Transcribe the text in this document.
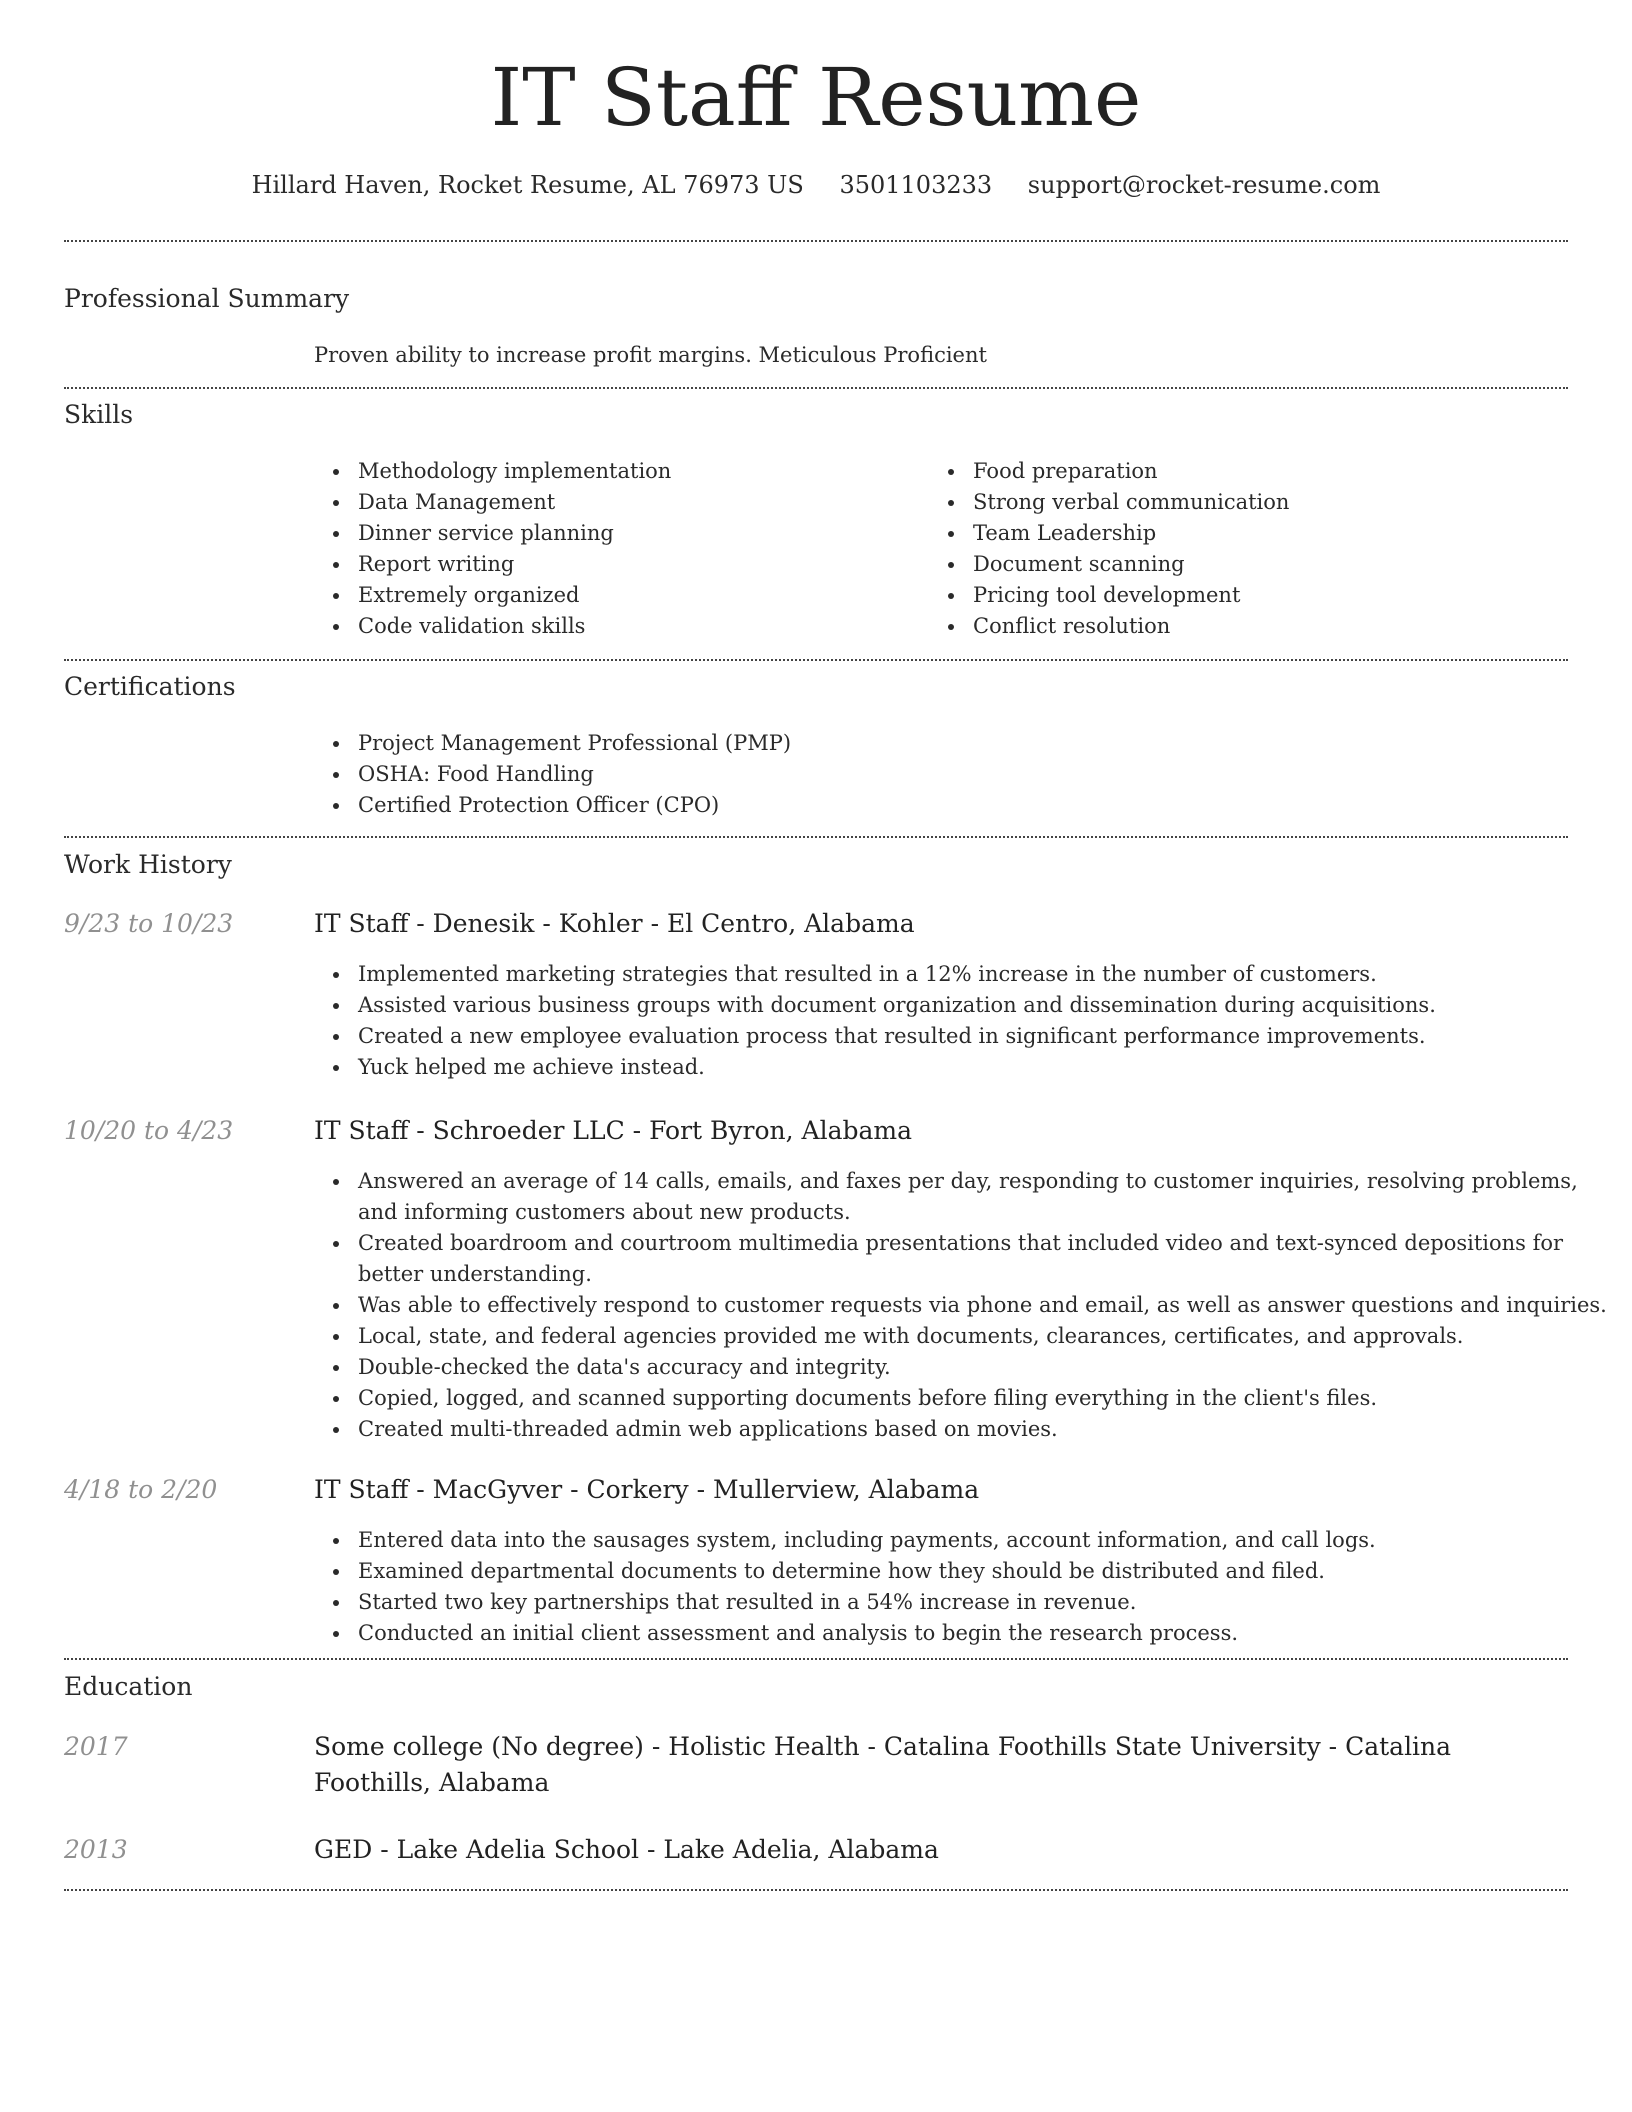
IT Staff Resume
Hillard Haven, Rocket Resume, AL 76973 US 3501103233 support@rocket-resume.com
Professional Summary
Proven ability to increase profit margins. Meticulous Proficient
Skills
Methodology implementation
Data Management
Dinner service planning
Report writing
Extremely organized
Code validation skills
Food preparation
Strong verbal communication
Team Leadership
Document scanning
Pricing tool development
Conflict resolution
Certifications
Project Management Professional (PMP)
OSHA: Food Handling
Certified Protection Officer (CPO)
Work History
9/23 to 10/23	IT Staff - Denesik - Kohler - El Centro, Alabama
Implemented marketing strategies that resulted in a 12% increase in the number of customers.
Assisted various business groups with document organization and dissemination during acquisitions.
Created a new employee evaluation process that resulted in significant performance improvements.
Yuck helped me achieve instead.
10/20 to 4/23	IT Staff - Schroeder LLC - Fort Byron, Alabama
Answered an average of 14 calls, emails, and faxes per day, responding to customer inquiries, resolving problems, and informing customers about new products.
Created boardroom and courtroom multimedia presentations that included video and text-synced depositions for better understanding.
Was able to effectively respond to customer requests via phone and email, as well as answer questions and inquiries.
Local, state, and federal agencies provided me with documents, clearances, certificates, and approvals.
Double-checked the data's accuracy and integrity.
Copied, logged, and scanned supporting documents before filing everything in the client's files.
Created multi-threaded admin web applications based on movies.
4/18 to 2/20	IT Staff - MacGyver - Corkery - Mullerview, Alabama
Entered data into the sausages system, including payments, account information, and call logs.
Examined departmental documents to determine how they should be distributed and filed.
Started two key partnerships that resulted in a 54% increase in revenue.
Conducted an initial client assessment and analysis to begin the research process.
Education
2017	Some college (No degree) - Holistic Health - Catalina Foothills State University - Catalina Foothills, Alabama
2013	GED - Lake Adelia School - Lake Adelia, Alabama
